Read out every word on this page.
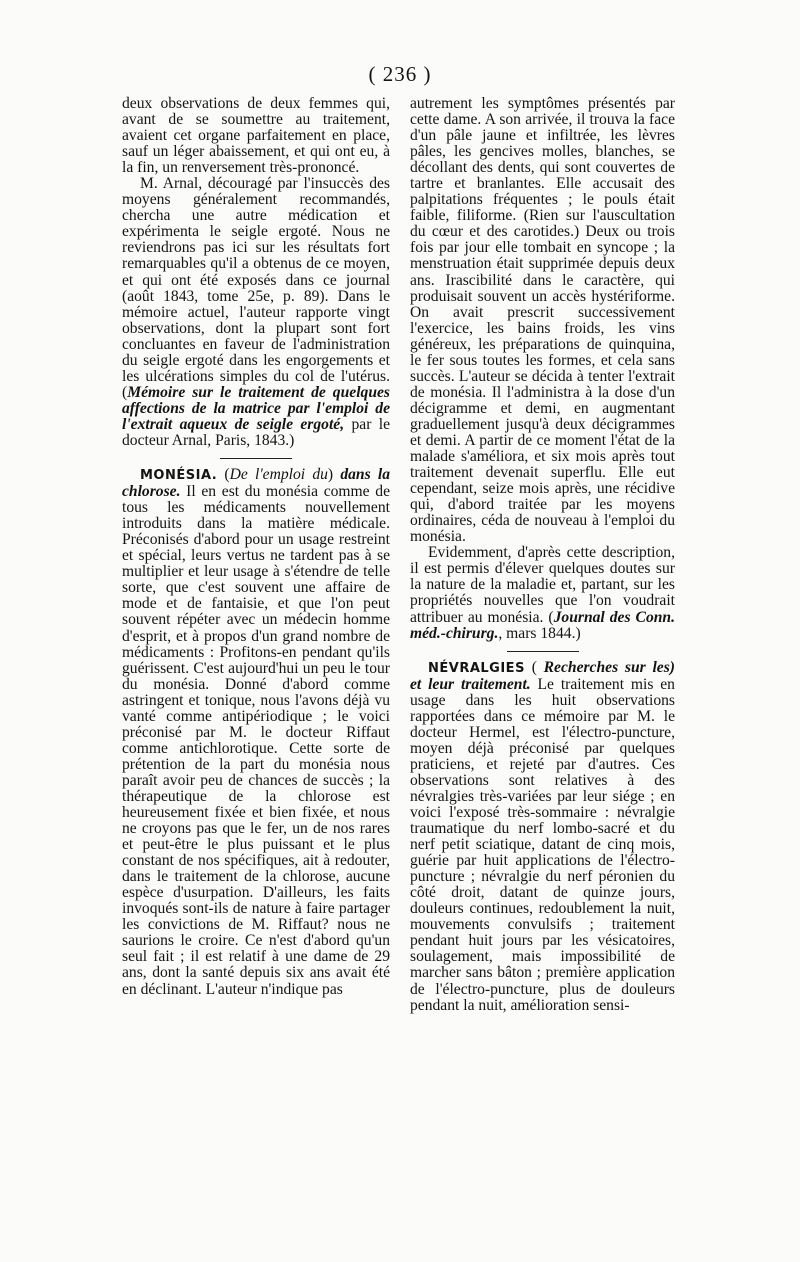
( 236 )

deux observations de deux femmes qui, avant de se soumettre au traitement, avaient cet organe parfaitement en place, sauf un léger abaissement, et qui ont eu, à la fin, un renversement très-prononcé.

M. Arnal, découragé par l'insuccès des moyens généralement recommandés, chercha une autre médication et expérimenta le seigle ergoté. Nous ne reviendrons pas ici sur les résultats fort remarquables qu'il a obtenus de ce moyen, et qui ont été exposés dans ce journal (août 1843, tome 25e, p. 89). Dans le mémoire actuel, l'auteur rapporte vingt observations, dont la plupart sont fort concluantes en faveur de l'administration du seigle ergoté dans les engorgements et les ulcérations simples du col de l'utérus. (Mémoire sur le traitement de quelques affections de la matrice par l'emploi de l'extrait aqueux de seigle ergoté, par le docteur Arnal, Paris, 1843.)

MONÉSIA. (De l'emploi du) dans la chlorose. Il en est du monésia comme de tous les médicaments nouvellement introduits dans la matière médicale. Préconisés d'abord pour un usage restreint et spécial, leurs vertus ne tardent pas à se multiplier et leur usage à s'étendre de telle sorte, que c'est souvent une affaire de mode et de fantaisie, et que l'on peut souvent répéter avec un médecin homme d'esprit, et à propos d'un grand nombre de médicaments : Profitons-en pendant qu'ils guérissent. C'est aujourd'hui un peu le tour du monésia. Donné d'abord comme astringent et tonique, nous l'avons déjà vu vanté comme antipériodique ; le voici préconisé par M. le docteur Riffaut comme antichlorotique. Cette sorte de prétention de la part du monésia nous paraît avoir peu de chances de succès ; la thérapeutique de la chlorose est heureusement fixée et bien fixée, et nous ne croyons pas que le fer, un de nos rares et peut-être le plus puissant et le plus constant de nos spécifiques, ait à redouter, dans le traitement de la chlorose, aucune espèce d'usurpation. D'ailleurs, les faits invoqués sont-ils de nature à faire partager les convictions de M. Riffaut? nous ne saurions le croire. Ce n'est d'abord qu'un seul fait ; il est relatif à une dame de 29 ans, dont la santé depuis six ans avait été en déclinant. L'auteur n'indique pas

autrement les symptômes présentés par cette dame. A son arrivée, il trouva la face d'un pâle jaune et infiltrée, les lèvres pâles, les gencives molles, blanches, se décollant des dents, qui sont couvertes de tartre et branlantes. Elle accusait des palpitations fréquentes ; le pouls était faible, filiforme. (Rien sur l'auscultation du cœur et des carotides.) Deux ou trois fois par jour elle tombait en syncope ; la menstruation était supprimée depuis deux ans. Irascibilité dans le caractère, qui produisait souvent un accès hystériforme. On avait prescrit successivement l'exercice, les bains froids, les vins généreux, les préparations de quinquina, le fer sous toutes les formes, et cela sans succès. L'auteur se décida à tenter l'extrait de monésia. Il l'administra à la dose d'un décigramme et demi, en augmentant graduellement jusqu'à deux décigrammes et demi. A partir de ce moment l'état de la malade s'améliora, et six mois après tout traitement devenait superflu. Elle eut cependant, seize mois après, une récidive qui, d'abord traitée par les moyens ordinaires, céda de nouveau à l'emploi du monésia.

Evidemment, d'après cette description, il est permis d'élever quelques doutes sur la nature de la maladie et, partant, sur les propriétés nouvelles que l'on voudrait attribuer au monésia. (Journal des Conn. méd.-chirurg., mars 1844.)

NÉVRALGIES ( Recherches sur les) et leur traitement. Le traitement mis en usage dans les huit observations rapportées dans ce mémoire par M. le docteur Hermel, est l'électro-puncture, moyen déjà préconisé par quelques praticiens, et rejeté par d'autres. Ces observations sont relatives à des névralgies très-variées par leur siége ; en voici l'exposé très-sommaire : névralgie traumatique du nerf lombo-sacré et du nerf petit sciatique, datant de cinq mois, guérie par huit applications de l'électro-puncture ; névralgie du nerf péronien du côté droit, datant de quinze jours, douleurs continues, redoublement la nuit, mouvements convulsifs ; traitement pendant huit jours par les vésicatoires, soulagement, mais impossibilité de marcher sans bâton ; première application de l'électro-puncture, plus de douleurs pendant la nuit, amélioration sensi-
